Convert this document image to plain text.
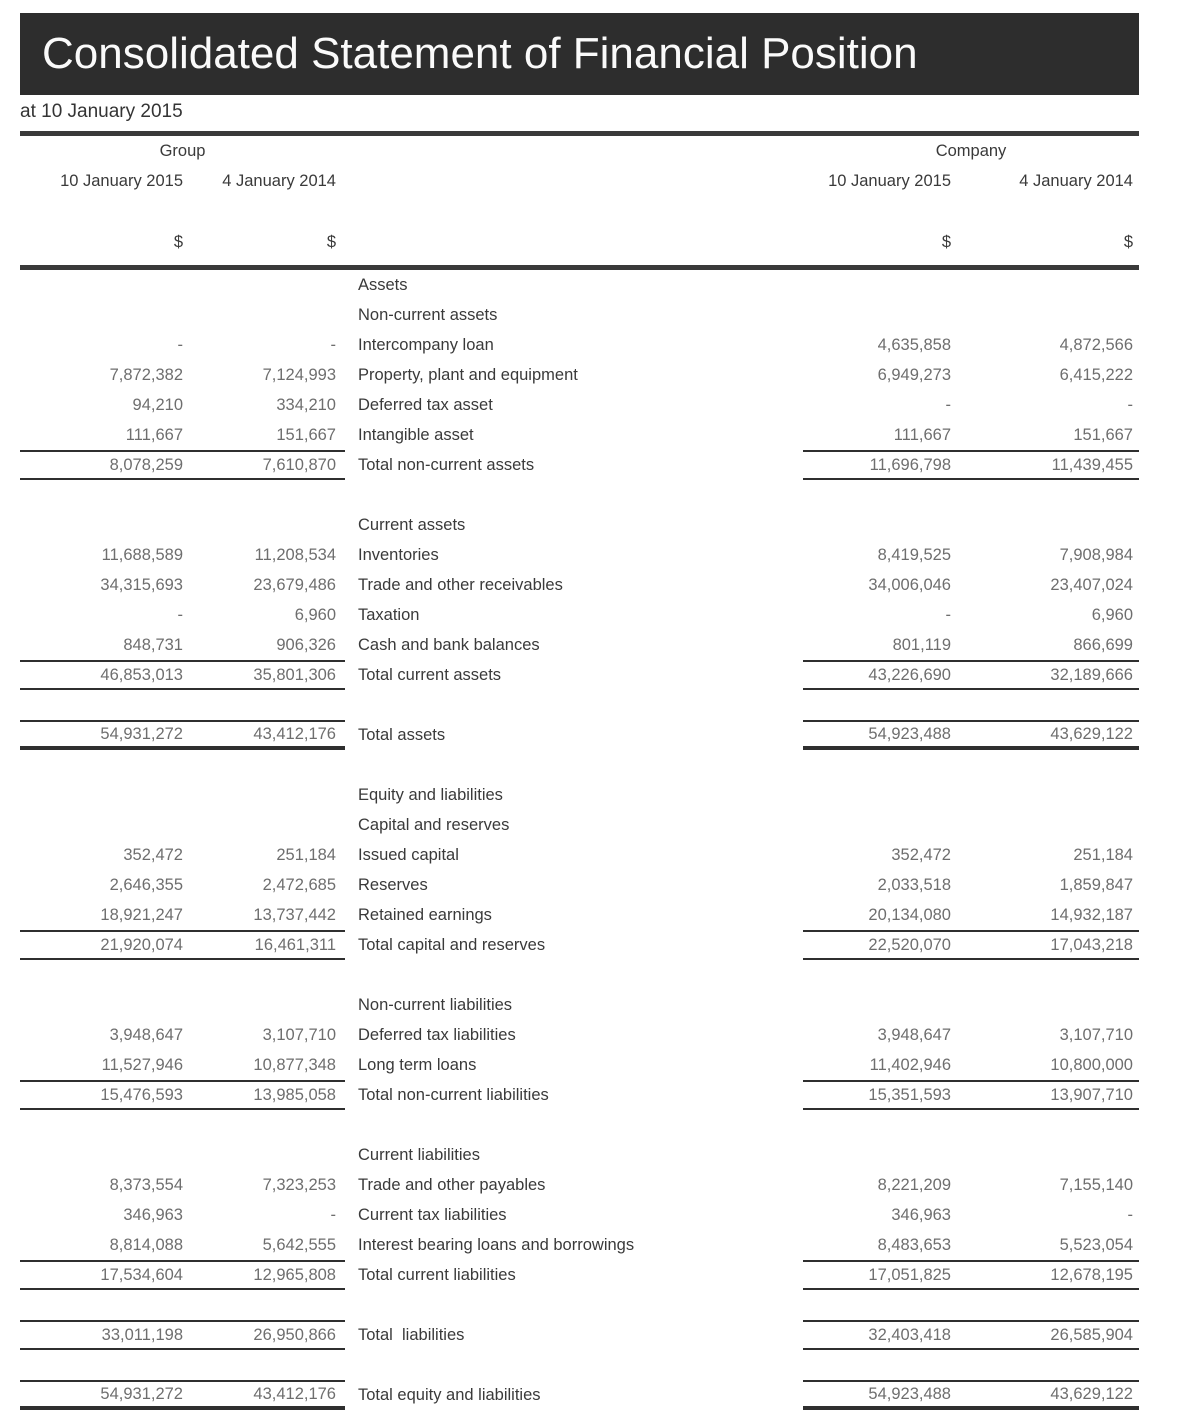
Consolidated Statement of Financial Position
at 10 January 2015
Group	Company
10 January 2015	4 January 2014	10 January 2015	4 January 2014
$	$	$	$
Assets
Non-current assets
-	-	Intercompany loan	4,635,858	4,872,566
7,872,382	7,124,993	Property, plant and equipment	6,949,273	6,415,222
94,210	334,210	Deferred tax asset	-	-
111,667	151,667	Intangible asset	111,667	151,667
8,078,259	7,610,870	Total non-current assets	11,696,798	11,439,455
Current assets
11,688,589	11,208,534	Inventories	8,419,525	7,908,984
34,315,693	23,679,486	Trade and other receivables	34,006,046	23,407,024
-	6,960	Taxation	-	6,960
848,731	906,326	Cash and bank balances	801,119	866,699
46,853,013	35,801,306	Total current assets	43,226,690	32,189,666
54,931,272	43,412,176	Total assets	54,923,488	43,629,122
Equity and liabilities
Capital and reserves
352,472	251,184	Issued capital	352,472	251,184
2,646,355	2,472,685	Reserves	2,033,518	1,859,847
18,921,247	13,737,442	Retained earnings	20,134,080	14,932,187
21,920,074	16,461,311	Total capital and reserves	22,520,070	17,043,218
Non-current liabilities
3,948,647	3,107,710	Deferred tax liabilities	3,948,647	3,107,710
11,527,946	10,877,348	Long term loans	11,402,946	10,800,000
15,476,593	13,985,058	Total non-current liabilities	15,351,593	13,907,710
Current liabilities
8,373,554	7,323,253	Trade and other payables	8,221,209	7,155,140
346,963	-	Current tax liabilities	346,963	-
8,814,088	5,642,555	Interest bearing loans and borrowings	8,483,653	5,523,054
17,534,604	12,965,808	Total current liabilities	17,051,825	12,678,195
33,011,198	26,950,866	Total  liabilities	32,403,418	26,585,904
54,931,272	43,412,176	Total equity and liabilities	54,923,488	43,629,122
